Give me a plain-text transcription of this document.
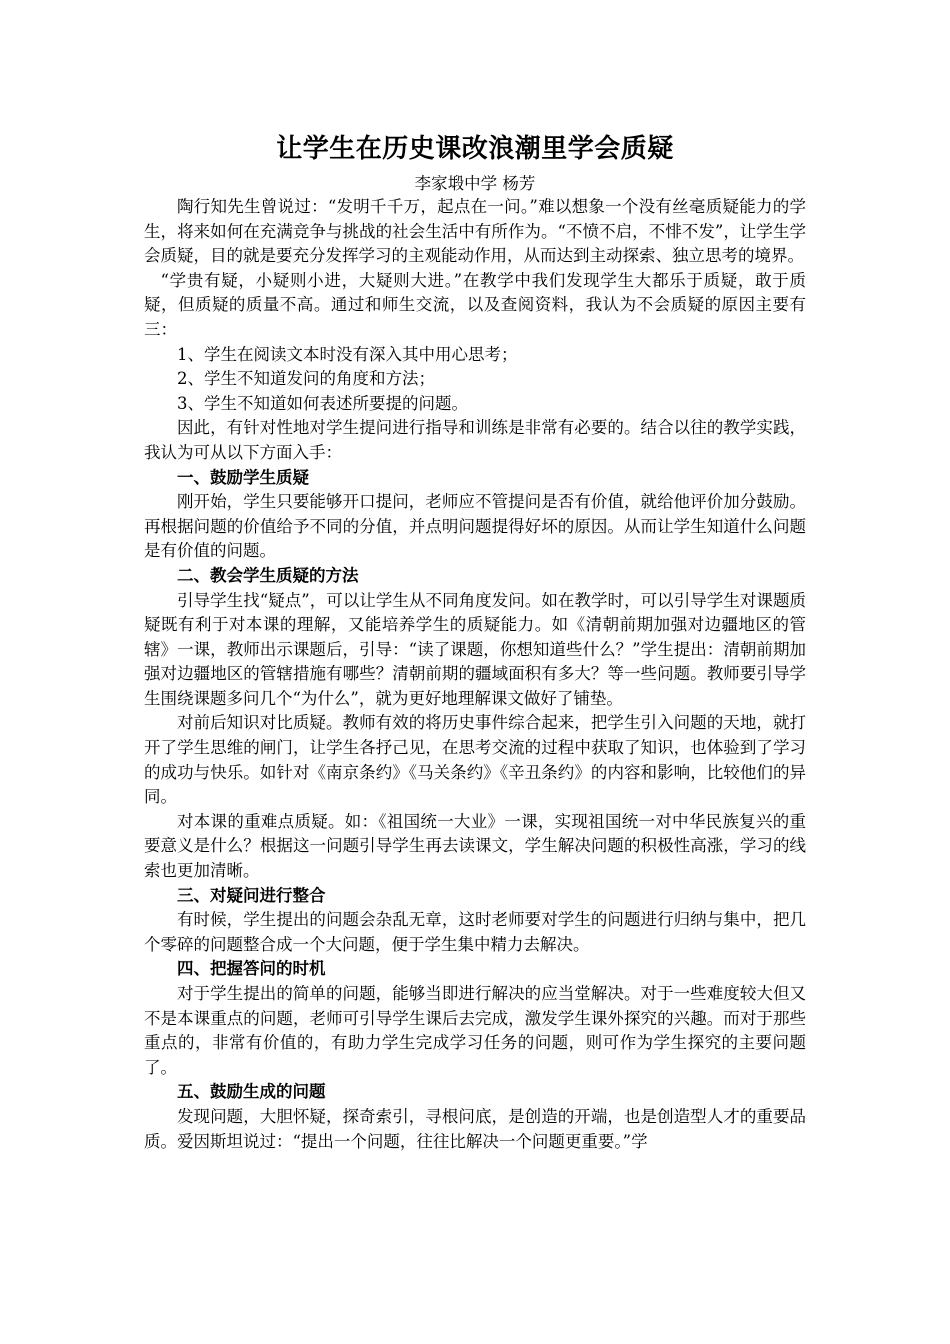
让学生在历史课改浪潮里学会质疑

李家塅中学 杨芳

陶行知先生曾说过：“发明千千万，起点在一问。”难以想象一个没有丝毫质疑能力的学生，将来如何在充满竞争与挑战的社会生活中有所作为。“不愤不启，不悱不发”，让学生学会质疑，目的就是要充分发挥学习的主观能动作用，从而达到主动探索、独立思考的境界。

“学贵有疑，小疑则小进，大疑则大进。”在教学中我们发现学生大都乐于质疑，敢于质疑，但质疑的质量不高。通过和师生交流，以及查阅资料，我认为不会质疑的原因主要有三：

1、学生在阅读文本时没有深入其中用心思考；

2、学生不知道发问的角度和方法；

3、学生不知道如何表述所要提的问题。

因此，有针对性地对学生提问进行指导和训练是非常有必要的。结合以往的教学实践，我认为可从以下方面入手：

一、鼓励学生质疑

刚开始，学生只要能够开口提问，老师应不管提问是否有价值，就给他评价加分鼓励。再根据问题的价值给予不同的分值，并点明问题提得好坏的原因。从而让学生知道什么问题是有价值的问题。

二、教会学生质疑的方法

引导学生找“疑点”，可以让学生从不同角度发问。如在教学时，可以引导学生对课题质疑既有利于对本课的理解，又能培养学生的质疑能力。如《清朝前期加强对边疆地区的管辖》一课，教师出示课题后，引导：“读了课题，你想知道些什么？”学生提出：清朝前期加强对边疆地区的管辖措施有哪些？清朝前期的疆域面积有多大？等一些问题。教师要引导学生围绕课题多问几个“为什么”，就为更好地理解课文做好了铺垫。

对前后知识对比质疑。教师有效的将历史事件综合起来，把学生引入问题的天地，就打开了学生思维的闸门，让学生各抒己见，在思考交流的过程中获取了知识，也体验到了学习的成功与快乐。如针对《南京条约》《马关条约》《辛丑条约》的内容和影响，比较他们的异同。

对本课的重难点质疑。如：《祖国统一大业》一课，实现祖国统一对中华民族复兴的重要意义是什么？根据这一问题引导学生再去读课文，学生解决问题的积极性高涨，学习的线索也更加清晰。

三、对疑问进行整合

有时候，学生提出的问题会杂乱无章，这时老师要对学生的问题进行归纳与集中，把几个零碎的问题整合成一个大问题，便于学生集中精力去解决。

四、把握答问的时机

对于学生提出的简单的问题，能够当即进行解决的应当堂解决。对于一些难度较大但又不是本课重点的问题，老师可引导学生课后去完成，激发学生课外探究的兴趣。而对于那些重点的，非常有价值的，有助力学生完成学习任务的问题，则可作为学生探究的主要问题了。

五、鼓励生成的问题

发现问题，大胆怀疑，探奇索引，寻根问底，是创造的开端，也是创造型人才的重要品质。爱因斯坦说过：“提出一个问题，往往比解决一个问题更重要。”学
